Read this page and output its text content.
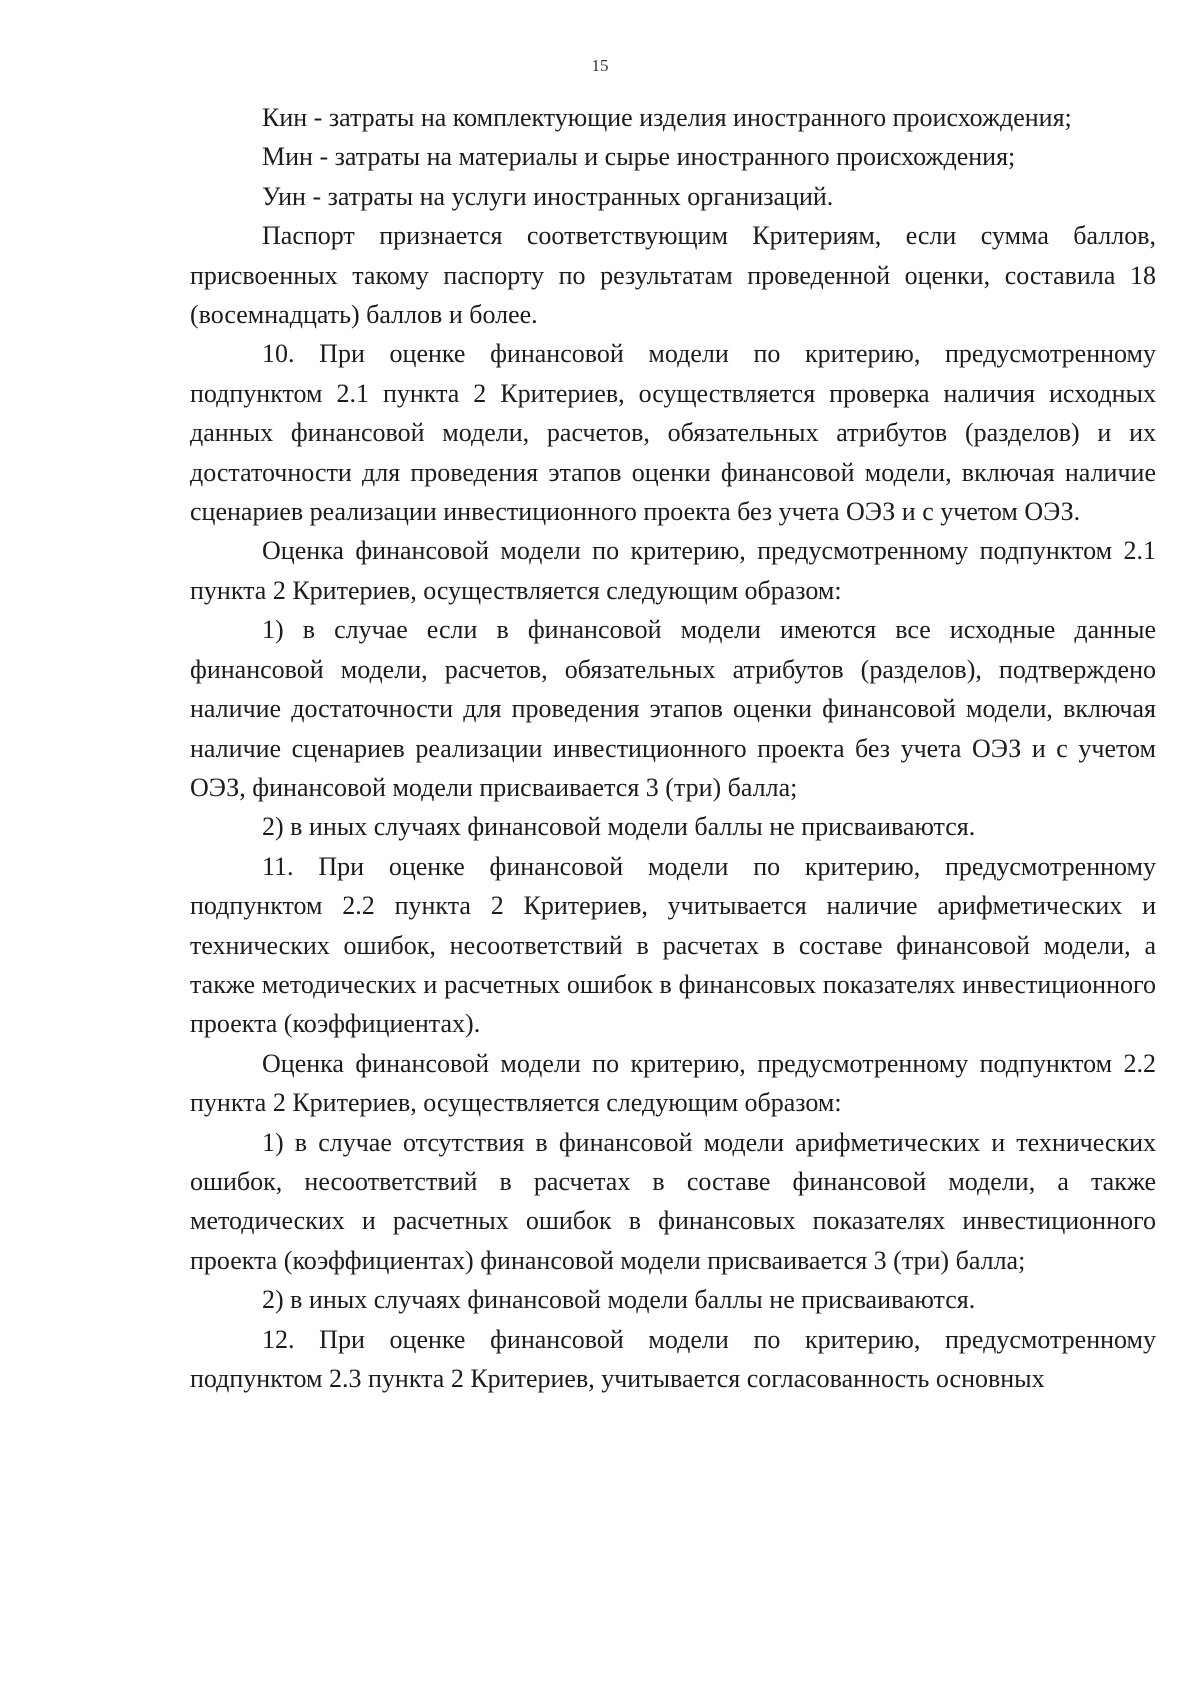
15

Кин - затраты на комплектующие изделия иностранного происхождения;

Мин - затраты на материалы и сырье иностранного происхождения;

Уин - затраты на услуги иностранных организаций.

Паспорт признается соответствующим Критериям, если сумма баллов, присвоенных такому паспорту по результатам проведенной оценки, составила 18 (восемнадцать) баллов и более.

10. При оценке финансовой модели по критерию, предусмотренному подпунктом 2.1 пункта 2 Критериев, осуществляется проверка наличия исходных данных финансовой модели, расчетов, обязательных атрибутов (разделов) и их достаточности для проведения этапов оценки финансовой модели, включая наличие сценариев реализации инвестиционного проекта без учета ОЭЗ и с учетом ОЭЗ.

Оценка финансовой модели по критерию, предусмотренному подпунктом 2.1 пункта 2 Критериев, осуществляется следующим образом:

1) в случае если в финансовой модели имеются все исходные данные финансовой модели, расчетов, обязательных атрибутов (разделов), подтверждено наличие достаточности для проведения этапов оценки финансовой модели, включая наличие сценариев реализации инвестиционного проекта без учета ОЭЗ и с учетом ОЭЗ, финансовой модели присваивается 3 (три) балла;

2) в иных случаях финансовой модели баллы не присваиваются.

11. При оценке финансовой модели по критерию, предусмотренному подпунктом 2.2 пункта 2 Критериев, учитывается наличие арифметических и технических ошибок, несоответствий в расчетах в составе финансовой модели, а также методических и расчетных ошибок в финансовых показателях инвестиционного проекта (коэффициентах).

Оценка финансовой модели по критерию, предусмотренному подпунктом 2.2 пункта 2 Критериев, осуществляется следующим образом:

1) в случае отсутствия в финансовой модели арифметических и технических ошибок, несоответствий в расчетах в составе финансовой модели, а также методических и расчетных ошибок в финансовых показателях инвестиционного проекта (коэффициентах) финансовой модели присваивается 3 (три) балла;

2) в иных случаях финансовой модели баллы не присваиваются.

12. При оценке финансовой модели по критерию, предусмотренному подпунктом 2.3 пункта 2 Критериев, учитывается согласованность основных
